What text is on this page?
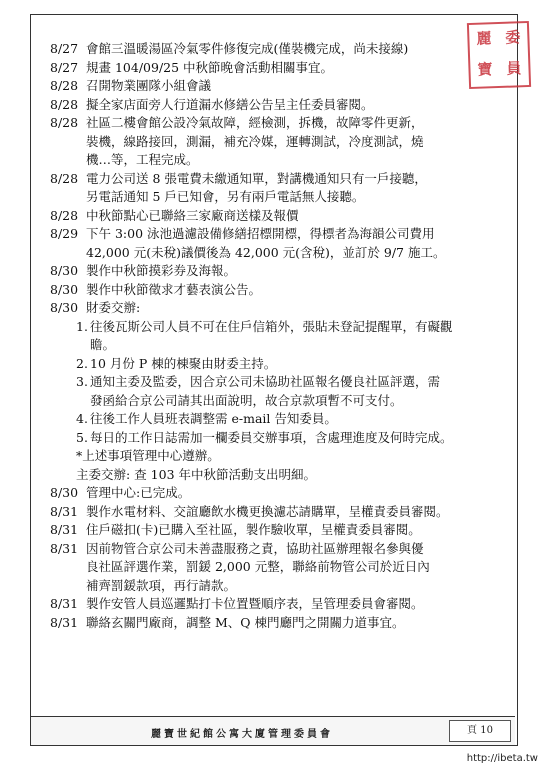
麗 委
寶 員
8/27 會館三溫暖湯區冷氣零件修復完成(僅裝機完成，尚未接線)
8/27 規畫 104/09/25 中秋節晚會活動相關事宜。
8/28 召開物業團隊小組會議
8/28 擬全家店面旁人行道漏水修繕公告呈主任委員審閱。
8/28 社區二樓會館公設冷氣故障，經檢測，拆機，故障零件更新，
裝機，線路接回，測漏，補充冷媒，運轉測試，冷度測試，燒
機…等，工程完成。
8/28 電力公司送 8 張電費未繳通知單，對講機通知只有一戶接聽，
另電話通知 5 戶已知會，另有兩戶電話無人接聽。
8/28 中秋節點心已聯絡三家廠商送樣及報價
8/29 下午 3:00 泳池過濾設備修繕招標開標，得標者為海韻公司費用
42,000 元(未稅)議價後為 42,000 元(含稅)，並訂於 9/7 施工。
8/30 製作中秋節摸彩券及海報。
8/30 製作中秋節徵求才藝表演公告。
8/30 財委交辦:
1. 往後瓦斯公司人員不可在住戶信箱外，張貼未登記提醒單，有礙觀
瞻。
2. 10 月份 P 棟的棟聚由財委主持。
3. 通知主委及監委，因合京公司未協助社區報名優良社區評選，需
發函給合京公司請其出面說明，故合京款項暫不可支付。
4. 往後工作人員班表調整需 e-mail 告知委員。
5. 每日的工作日誌需加一欄委員交辦事項，含處理進度及何時完成。
*上述事項管理中心遵辦。
主委交辦: 查 103 年中秋節活動支出明細。
8/30 管理中心:已完成。
8/31 製作水電材料、交誼廳飲水機更換濾芯請購單，呈權責委員審閱。
8/31 住戶磁扣(卡)已購入至社區，製作驗收單，呈權責委員審閱。
8/31 因前物管合京公司未善盡服務之責，協助社區辦理報名參與優
良社區評選作業，罰鍰 2,000 元整，聯絡前物管公司於近日內
補齊罰鍰款項，再行請款。
8/31 製作安管人員巡邏點打卡位置暨順序表，呈管理委員會審閱。
8/31 聯絡玄關門廠商，調整 M、Q 棟門廳門之開關力道事宜。
麗寶世紀館公寓大廈管理委員會	頁 10
http://ibeta.tw
